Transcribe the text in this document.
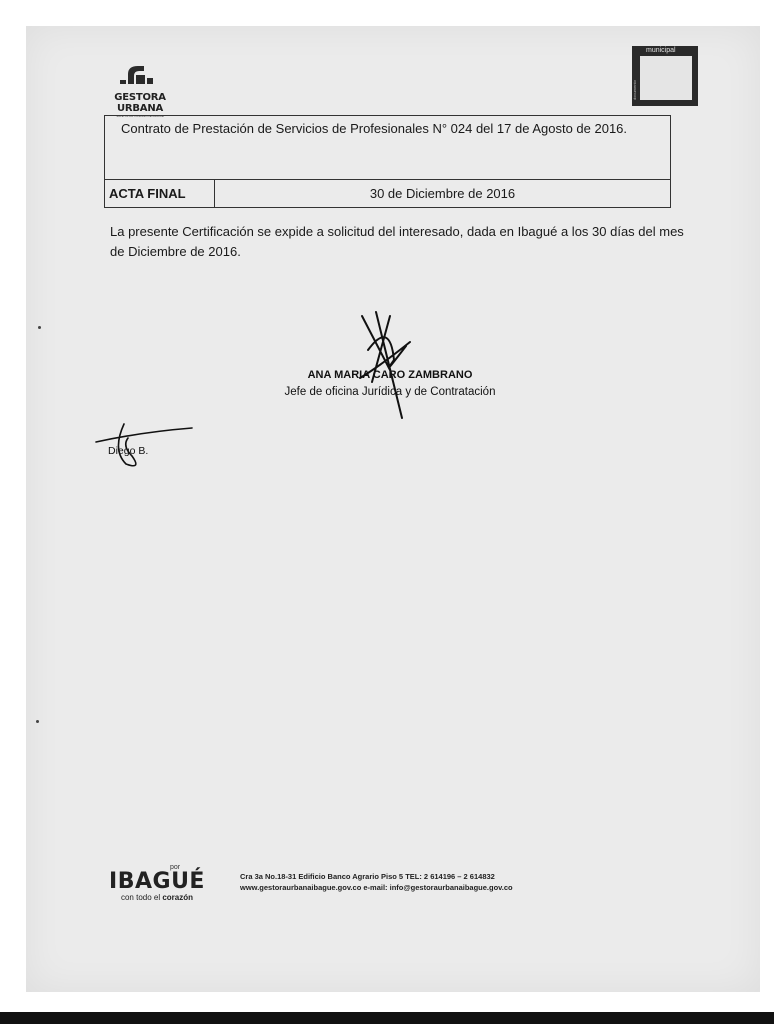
GESTORA URBANA
SALE OPORTUNIDAD DE IBAGUE
municipal
documento
Contrato de Prestación de Servicios de Profesionales N° 024 del 17 de Agosto de 2016.
ACTA FINAL	30 de Diciembre de 2016
La presente Certificación se expide a solicitud del interesado, dada en Ibagué a los 30 días del mes de Diciembre de 2016.
ANA MARIA CARO ZAMBRANO
Jefe de oficina Jurídica y de Contratación
Diego B.
por
IBAGUÉ
con todo el corazón
Cra 3a No.18-31 Edificio Banco Agrario Piso 5 TEL: 2 614196 – 2 614832
www.gestoraurbanaibague.gov.co e-mail: info@gestoraurbanaibague.gov.co
